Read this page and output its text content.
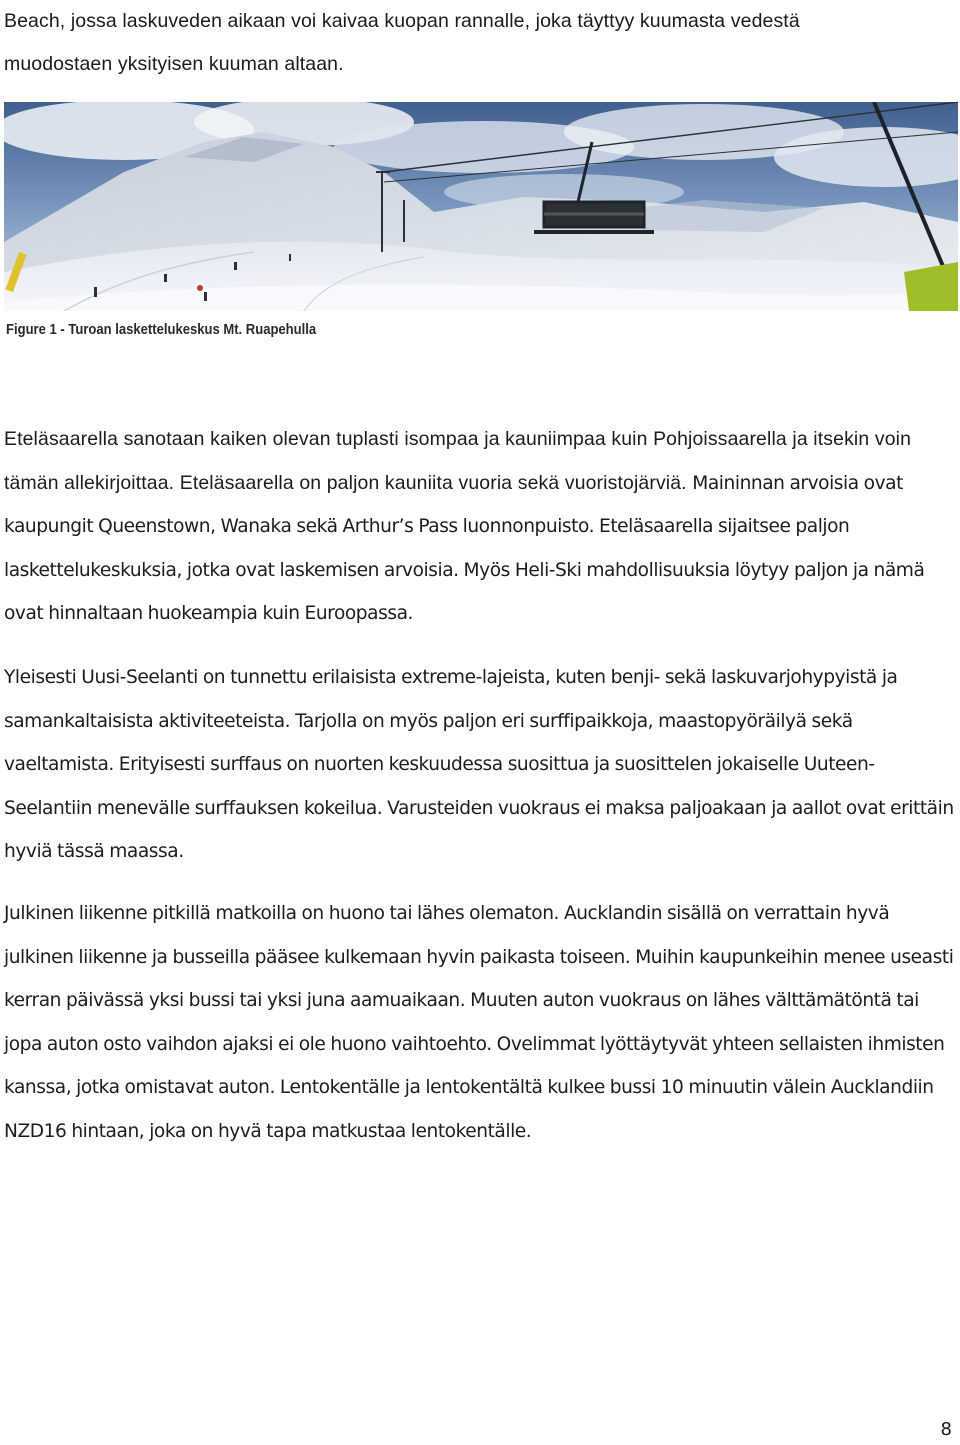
Beach, jossa laskuveden aikaan voi kaivaa kuopan rannalle, joka täyttyy kuumasta vedestä
muodostaen yksityisen kuuman altaan.

Figure 1 - Turoan laskettelukeskus Mt. Ruapehulla

Eteläsaarella sanotaan kaiken olevan tuplasti isompaa ja kauniimpaa kuin Pohjoissaarella ja itsekin voin tämän allekirjoittaa. Eteläsaarella on paljon kauniita vuoria sekä vuoristojärviä. Maininnan arvoisia ovat kaupungit Queenstown, Wanaka sekä Arthur’s Pass luonnonpuisto. Eteläsaarella sijaitsee paljon laskettelukeskuksia, jotka ovat laskemisen arvoisia. Myös Heli-Ski mahdollisuuksia löytyy paljon ja nämä ovat hinnaltaan huokeampia kuin Euroopassa.

Yleisesti Uusi-Seelanti on tunnettu erilaisista extreme-lajeista, kuten benji- sekä laskuvarjohypyistä ja samankaltaisista aktiviteeteista. Tarjolla on myös paljon eri surffipaikkoja, maastopyöräilyä sekä vaeltamista. Erityisesti surffaus on nuorten keskuudessa suosittua ja suosittelen jokaiselle Uuteen-Seelantiin menevälle surffauksen kokeilua. Varusteiden vuokraus ei maksa paljoakaan ja aallot ovat erittäin hyviä tässä maassa.

Julkinen liikenne pitkillä matkoilla on huono tai lähes olematon. Aucklandin sisällä on verrattain hyvä julkinen liikenne ja busseilla pääsee kulkemaan hyvin paikasta toiseen. Muihin kaupunkeihin menee useasti kerran päivässä yksi bussi tai yksi juna aamuaikaan. Muuten auton vuokraus on lähes välttämätöntä tai jopa auton osto vaihdon ajaksi ei ole huono vaihtoehto. Ovelimmat lyöttäytyvät yhteen sellaisten ihmisten kanssa, jotka omistavat auton. Lentokentälle ja lentokentältä kulkee bussi 10 minuutin välein Aucklandiin NZD16 hintaan, joka on hyvä tapa matkustaa lentokentälle.

8
